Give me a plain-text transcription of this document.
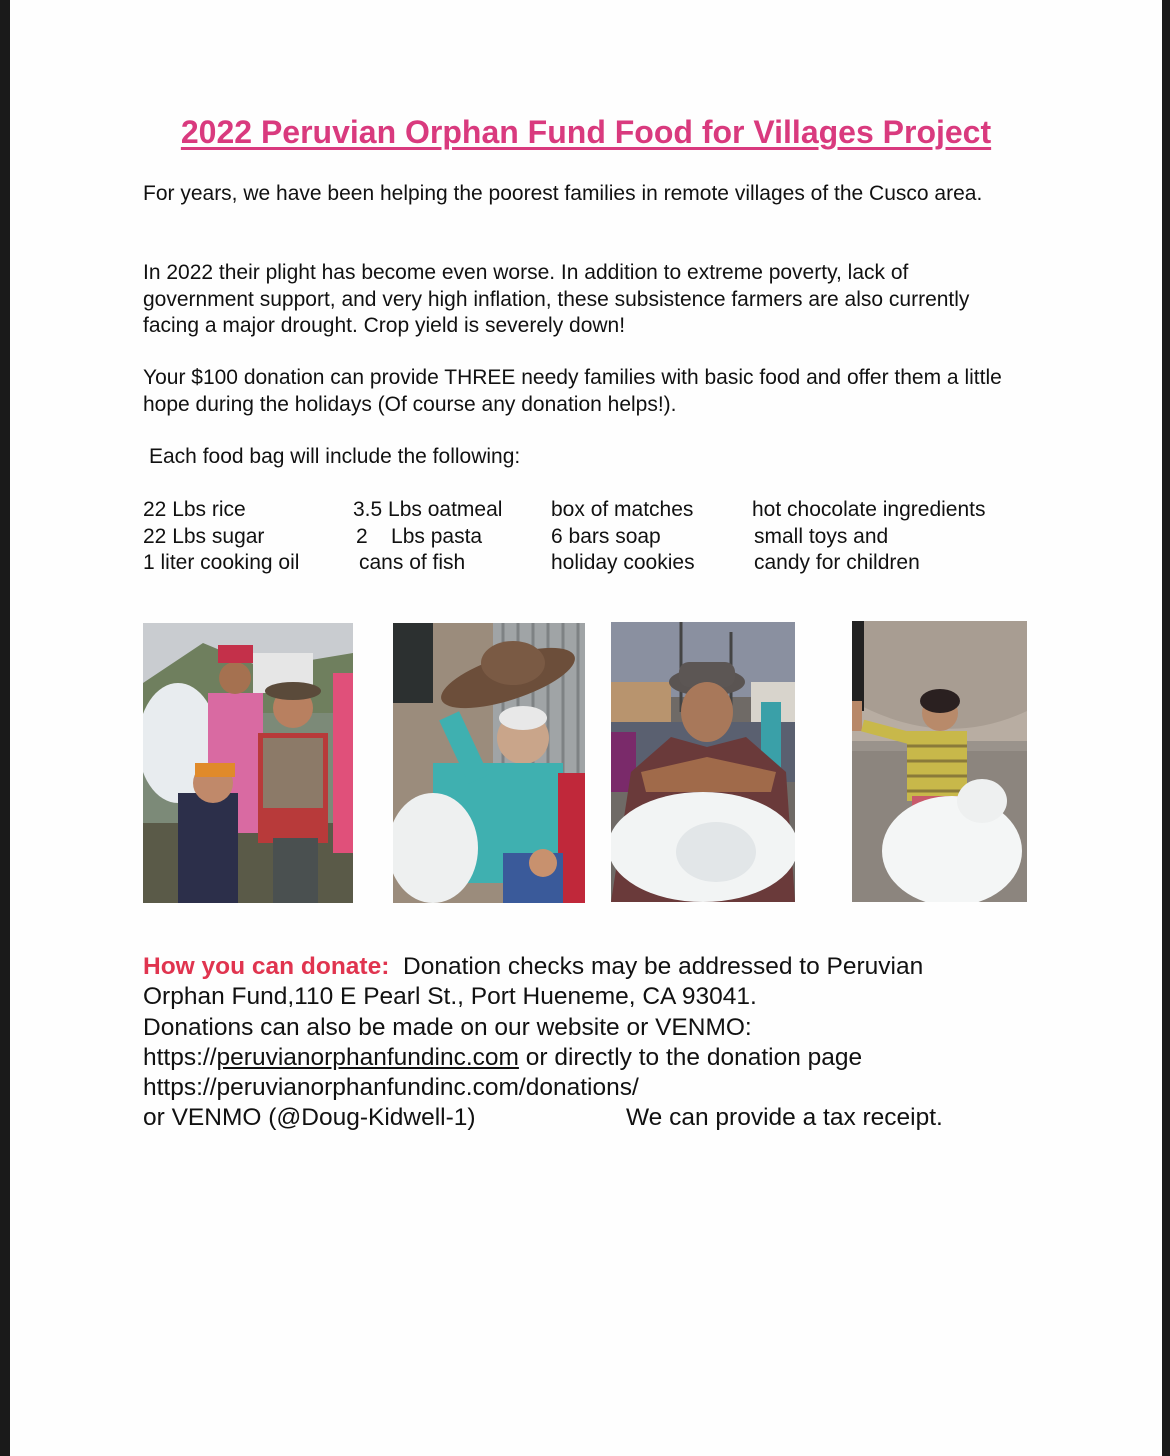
2022 Peruvian Orphan Fund Food for Villages Project
For years, we have been helping the poorest families in remote villages of the Cusco area.
In 2022 their plight has become even worse. In addition to extreme poverty, lack of government support, and very high inflation, these subsistence farmers are also currently facing a major drought. Crop yield is severely down!
Your $100 donation can provide THREE needy families with basic food and offer them a little hope during the holidays (Of course any donation helps!).
Each food bag will include the following:
22 Lbs rice
22 Lbs sugar
1 liter cooking oil
3.5 Lbs oatmeal
2    Lbs pasta
cans of fish
box of matches
6 bars soap
holiday cookies
hot chocolate ingredients
small toys and
candy for children
How you can donate:  Donation checks may be addressed to Peruvian
Orphan Fund,110 E Pearl St., Port Hueneme, CA 93041.
Donations can also be made on our website or VENMO:
https://peruvianorphanfundinc.com or directly to the donation page
https://peruvianorphanfundinc.com/donations/
or VENMO (@Doug-Kidwell-1)	We can provide a tax receipt.
